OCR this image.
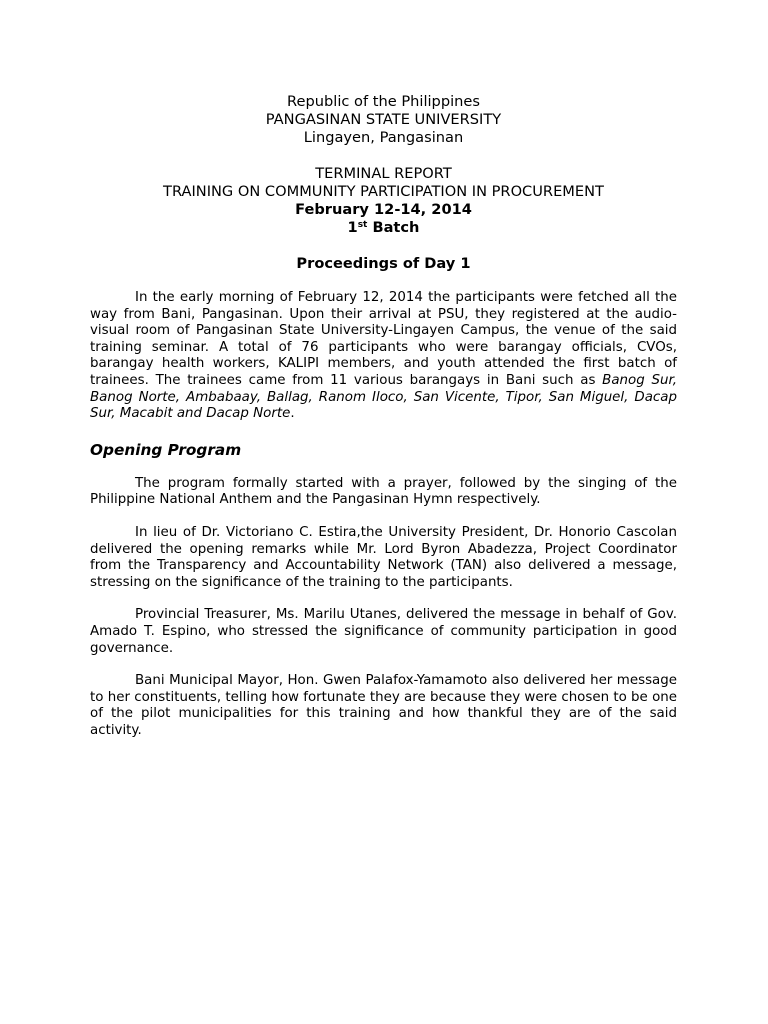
Republic of the Philippines
PANGASINAN STATE UNIVERSITY
Lingayen, Pangasinan
TERMINAL REPORT
TRAINING ON COMMUNITY PARTICIPATION IN PROCUREMENT
February 12-14, 2014
1st Batch
Proceedings of Day 1

In the early morning of February 12, 2014 the participants were fetched all the way from Bani, Pangasinan. Upon their arrival at PSU, they registered at the audio-visual room of Pangasinan State University-Lingayen Campus, the venue of the said training seminar. A total of 76 participants who were barangay officials, CVOs, barangay health workers, KALIPI members, and youth attended the first batch of trainees. The trainees came from 11 various barangays in Bani such as Banog Sur, Banog Norte, Ambabaay, Ballag, Ranom Iloco, San Vicente, Tipor, San Miguel, Dacap Sur, Macabit and Dacap Norte.

Opening Program

The program formally started with a prayer, followed by the singing of the Philippine National Anthem and the Pangasinan Hymn respectively.

In lieu of Dr. Victoriano C. Estira,the University President, Dr. Honorio Cascolan delivered the opening remarks while Mr. Lord Byron Abadezza, Project Coordinator from the Transparency and Accountability Network (TAN) also delivered a message, stressing on the significance of the training to the participants.

Provincial Treasurer, Ms. Marilu Utanes, delivered the message in behalf of Gov. Amado T. Espino, who stressed the significance of community participation in good governance.

Bani Municipal Mayor, Hon. Gwen Palafox-Yamamoto also delivered her message to her constituents, telling how fortunate they are because they were chosen to be one of the pilot municipalities for this training and how thankful they are of the said activity.
